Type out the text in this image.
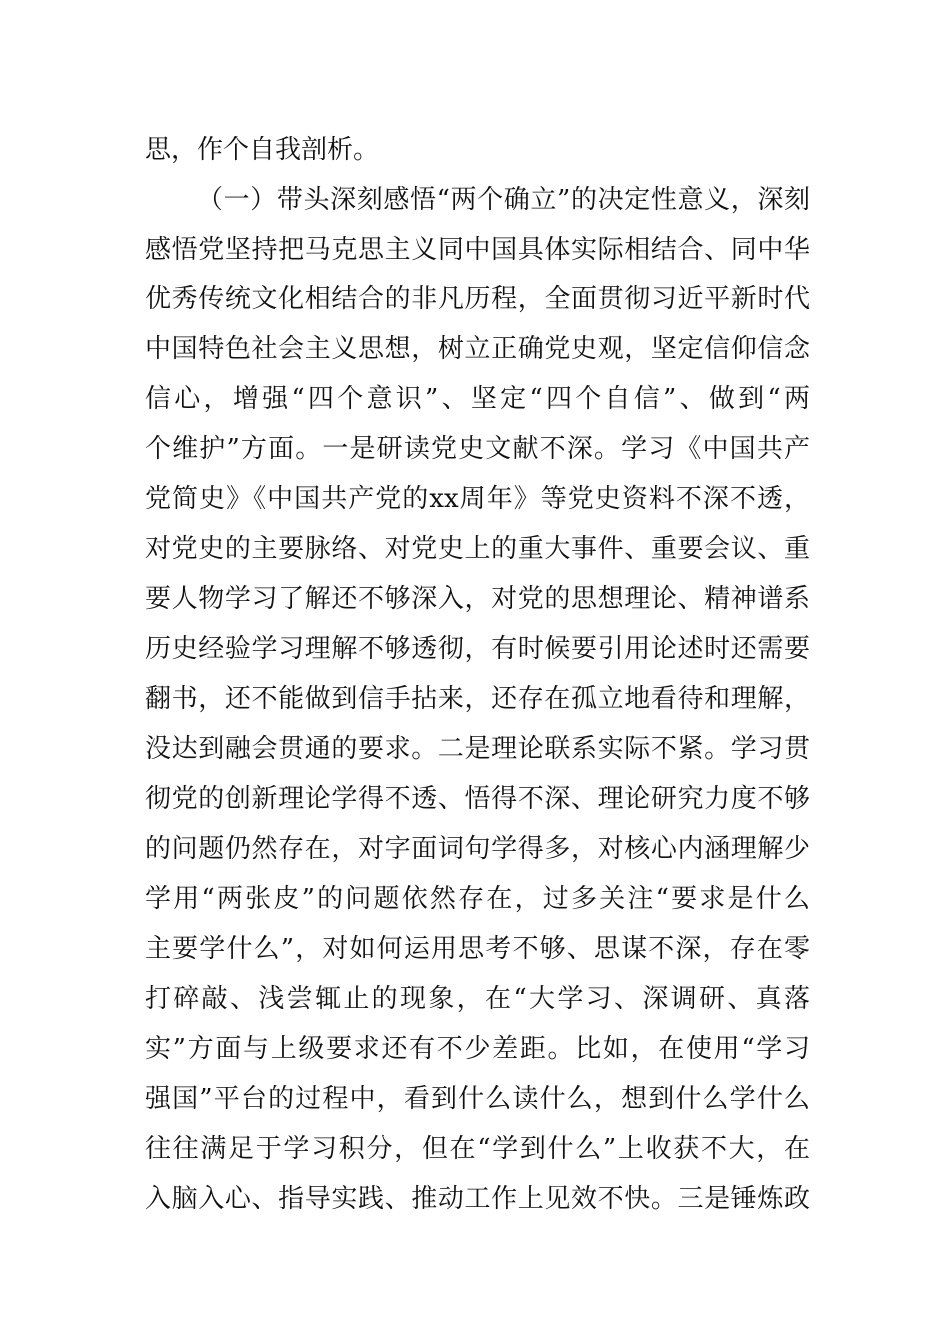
思，作个自我剖析。
（一）带头深刻感悟“两个确立”的决定性意义，深刻
感悟党坚持把马克思主义同中国具体实际相结合、同中华
优秀传统文化相结合的非凡历程，全面贯彻习近平新时代
中国特色社会主义思想，树立正确党史观，坚定信仰信念
信心，增强“四个意识”、坚定“四个自信”、做到“两
个维护”方面。一是研读党史文献不深。学习《中国共产
党简史》《中国共产党的xx周年》等党史资料不深不透，
对党史的主要脉络、对党史上的重大事件、重要会议、重
要人物学习了解还不够深入，对党的思想理论、精神谱系
历史经验学习理解不够透彻，有时候要引用论述时还需要
翻书，还不能做到信手拈来，还存在孤立地看待和理解，
没达到融会贯通的要求。二是理论联系实际不紧。学习贯
彻党的创新理论学得不透、悟得不深、理论研究力度不够
的问题仍然存在，对字面词句学得多，对核心内涵理解少
学用“两张皮”的问题依然存在，过多关注“要求是什么
主要学什么”，对如何运用思考不够、思谋不深，存在零
打碎敲、浅尝辄止的现象，在“大学习、深调研、真落
实”方面与上级要求还有不少差距。比如，在使用“学习
强国”平台的过程中，看到什么读什么，想到什么学什么
往往满足于学习积分，但在“学到什么”上收获不大，在
入脑入心、指导实践、推动工作上见效不快。三是锤炼政
